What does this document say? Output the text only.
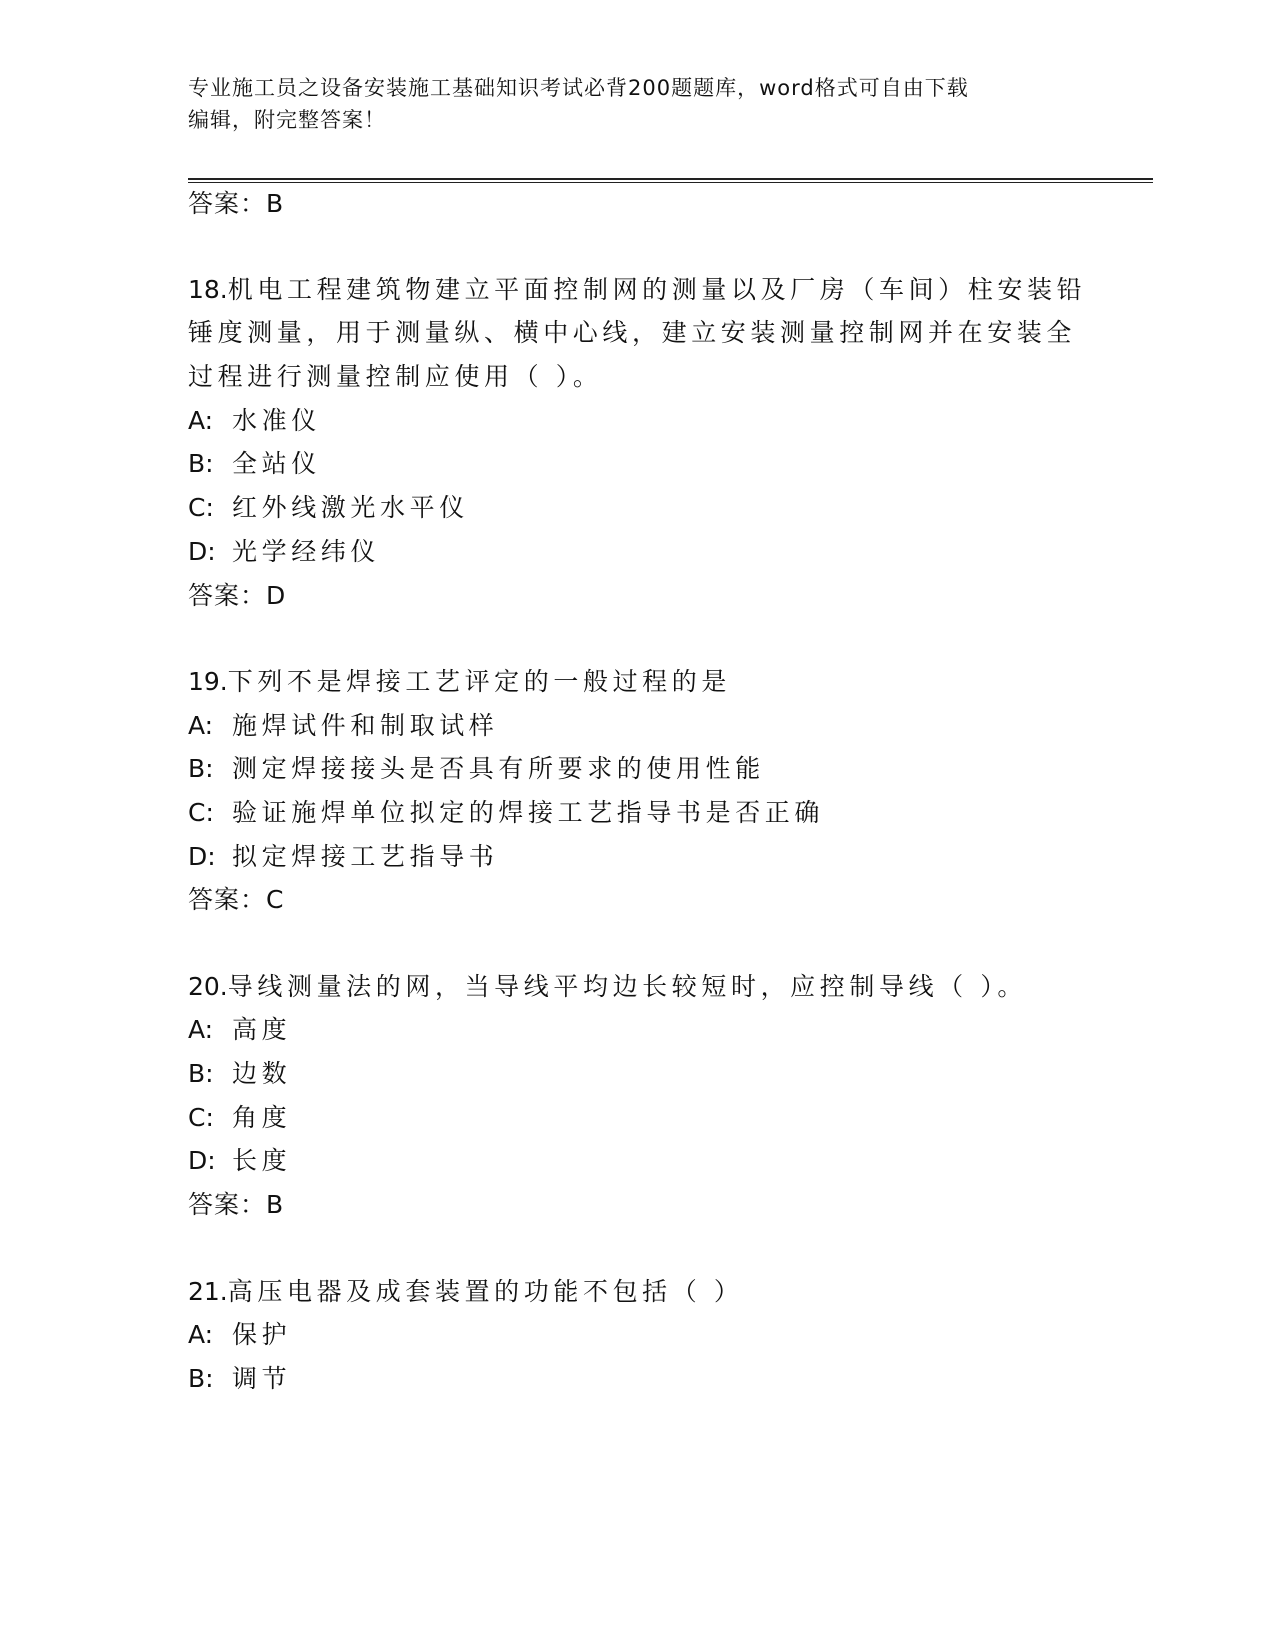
专业施工员之设备安装施工基础知识考试必背200题题库，word格式可自由下载
编辑，附完整答案！
答案：B
18.机电工程建筑物建立平面控制网的测量以及厂房（车间）柱安装铅
锤度测量，用于测量纵、横中心线，建立安装测量控制网并在安装全
过程进行测量控制应使用（ ）。
A: 水准仪
B: 全站仪
C: 红外线激光水平仪
D: 光学经纬仪
答案：D
19.下列不是焊接工艺评定的一般过程的是
A: 施焊试件和制取试样
B: 测定焊接接头是否具有所要求的使用性能
C: 验证施焊单位拟定的焊接工艺指导书是否正确
D: 拟定焊接工艺指导书
答案：C
20.导线测量法的网，当导线平均边长较短时，应控制导线（ ）。
A: 高度
B: 边数
C: 角度
D: 长度
答案：B
21.高压电器及成套装置的功能不包括（ ）
A: 保护
B: 调节
